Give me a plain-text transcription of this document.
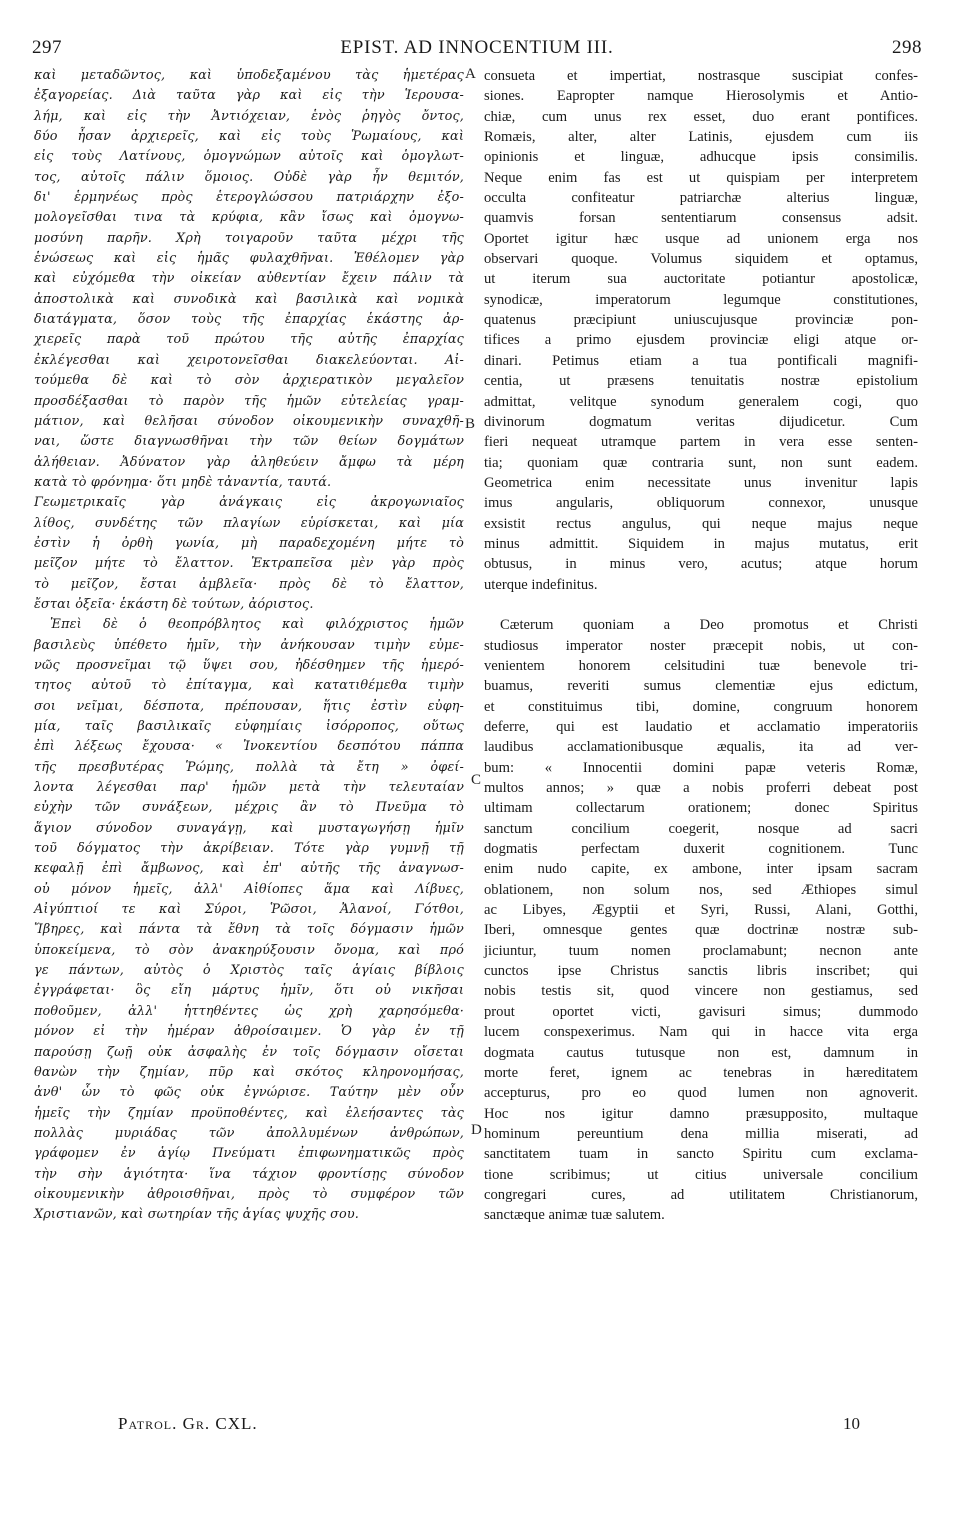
297	EPIST. AD INNOCENTIUM III.	298
καὶ μεταδῶντος, καὶ ὑποδεξαμένου τὰς ἡμετέρας
ἐξαγορείας. Διὰ ταῦτα γὰρ καὶ εἰς τὴν Ἱερουσα-
λήμ, καὶ εἰς τὴν Ἀντιόχειαν, ἑνὸς ῥηγὸς ὄντος,
δύο ἦσαν ἀρχιερεῖς, καὶ εἰς τοὺς Ῥωμαίους, καὶ
εἰς τοὺς Λατίνους, ὁμογνώμων αὐτοῖς καὶ ὁμογλωτ-
τος, αὐτοῖς πάλιν ὅμοιος. Οὐδὲ γὰρ ἦν θεμιτόν,
δι' ἑρμηνέως πρὸς ἑτερογλώσσου πατριάρχην ἐξο-
μολογεῖσθαι τινα τὰ κρύφια, κἂν ἴσως καὶ ὁμογνω-
μοσύνη παρῆν. Χρὴ τοιγαροῦν ταῦτα μέχρι τῆς
ἑνώσεως καὶ εἰς ἡμᾶς φυλαχθῆναι. Ἐθέλομεν γὰρ
καὶ εὐχόμεθα τὴν οἰκείαν αὐθεντίαν ἔχειν πάλιν τὰ
ἀποστολικὰ καὶ συνοδικὰ καὶ βασιλικὰ καὶ νομικὰ
διατάγματα, ὅσον τοὺς τῆς ἐπαρχίας ἑκάστης ἀρ-
χιερεῖς παρὰ τοῦ πρώτου τῆς αὐτῆς ἐπαρχίας
ἐκλέγεσθαι καὶ χειροτονεῖσθαι διακελεύονται. Αἰ-
τούμεθα δὲ καὶ τὸ σὸν ἀρχιερατικὸν μεγαλεῖον
προσδέξασθαι τὸ παρὸν τῆς ἡμῶν εὐτελείας γραμ-
μάτιον, καὶ θελῆσαι σύνοδον οἰκουμενικὴν συναχθῆ-
ναι, ὥστε διαγνωσθῆναι τὴν τῶν θείων δογμάτων
ἀλήθειαν. Ἀδύνατον γὰρ ἀληθεύειν ἄμφω τὰ μέρη
κατὰ τὸ φρόνημα· ὅτι μηδὲ τἀναντία, ταυτά.
Γεωμετρικαῖς γὰρ ἀνάγκαις εἰς ἀκρογωνιαῖος
λίθος, συνδέτης τῶν πλαγίων εὑρίσκεται, καὶ μία
ἐστὶν ἡ ὀρθὴ γωνία, μὴ παραδεχομένη μήτε τὸ
μεῖζον μήτε τὸ ἔλαττον. Ἐκτραπεῖσα μὲν γὰρ πρὸς
τὸ μεῖζον, ἔσται ἀμβλεῖα· πρὸς δὲ τὸ ἔλαττον,
ἔσται ὀξεῖα· ἑκάστη δὲ τούτων, ἀόριστος.
Ἐπεὶ δὲ ὁ θεοπρόβλητος καὶ φιλόχριστος ἡμῶν
βασιλεὺς ὑπέθετο ἡμῖν, τὴν ἀνήκουσαν τιμὴν εὐμε-
νῶς προσνεῖμαι τῷ ὕψει σου, ἠδέσθημεν τῆς ἡμερό-
τητος αὐτοῦ τὸ ἐπίταγμα, καὶ κατατιθέμεθα τιμὴν
σοι νεῖμαι, δέσποτα, πρέπουσαν, ἥτις ἐστὶν εὐφη-
μία, ταῖς βασιλικαῖς εὐφημίαις ἰσόρροπος, οὕτως
ἐπὶ λέξεως ἔχουσα· « Ἰνοκεντίου δεσπότου πάππα
τῆς πρεσβυτέρας Ῥώμης, πολλὰ τὰ ἔτη » ὀφεί-
λοντα λέγεσθαι παρ' ἡμῶν μετὰ τὴν τελευταίαν
εὐχὴν τῶν συνάξεων, μέχρις ἂν τὸ Πνεῦμα τὸ
ἅγιον σύνοδον συναγάγῃ, καὶ μυσταγωγήσῃ ἡμῖν
τοῦ δόγματος τὴν ἀκρίβειαν. Τότε γὰρ γυμνῇ τῇ
κεφαλῇ ἐπὶ ἄμβωνος, καὶ ἐπ' αὐτῆς τῆς ἀναγνωσ-
οὐ μόνον ἡμεῖς, ἀλλ' Αἰθίοπες ἅμα καὶ Λίβυες,
Αἰγύπτιοί τε καὶ Σύροι, Ῥῶσοι, Ἀλανοί, Γότθοι,
Ἴβηρες, καὶ πάντα τὰ ἔθνη τὰ τοῖς δόγμασιν ἡμῶν
ὑποκείμενα, τὸ σὸν ἀνακηρύξουσιν ὄνομα, καὶ πρό
γε πάντων, αὐτὸς ὁ Χριστὸς ταῖς ἁγίαις βίβλοις
ἐγγράφεται· ὃς εἴη μάρτυς ἡμῖν, ὅτι οὐ νικῆσαι
ποθοῦμεν, ἀλλ' ἡττηθέντες ὡς χρὴ χαρησόμεθα·
μόνον εἰ τὴν ἡμέραν ἀθροίσαιμεν. Ὁ γὰρ ἐν τῇ
παρούσῃ ζωῇ οὐκ ἀσφαλὴς ἐν τοῖς δόγμασιν οἴσεται
θανὼν τὴν ζημίαν, πῦρ καὶ σκότος κληρονομήσας,
ἀνθ' ὧν τὸ φῶς οὐκ ἐγνώρισε. Ταύτην μὲν οὖν
ἡμεῖς τὴν ζημίαν προϋποθέντες, καὶ ἐλεήσαντες τὰς
πολλὰς μυριάδας τῶν ἀπολλυμένων ἀνθρώπων,
γράφομεν ἐν ἁγίῳ Πνεύματι ἐπιφωνηματικῶς πρὸς
τὴν σὴν ἁγιότητα· ἵνα τάχιον φροντίσῃς σύνοδον
οἰκουμενικὴν ἀθροισθῆναι, πρὸς τὸ συμφέρον τῶν
Χριστιανῶν, καὶ σωτηρίαν τῆς ἁγίας ψυχῆς σου.
consueta et impertiat, nostrasque suscipiat confes-
siones. Eapropter namque Hierosolymis et Antio-
chiæ, cum unus rex esset, duo erant pontifices.
Romæis, alter, alter Latinis, ejusdem cum iis
opinionis et linguæ, adhucque ipsis consimilis.
Neque enim fas est ut quispiam per interpretem
occulta confiteatur patriarchæ alterius linguæ,
quamvis forsan sententiarum consensus adsit.
Oportet igitur hæc usque ad unionem erga nos
observari quoque. Volumus siquidem et optamus,
ut iterum sua auctoritate potiantur apostolicæ,
synodicæ, imperatorum legumque constitutiones,
quatenus præcipiunt uniuscujusque provinciæ pon-
tifices a primo ejusdem provinciæ eligi atque or-
dinari. Petimus etiam a tua pontificali magnifi-
centia, ut præsens tenuitatis nostræ epistolium
admittat, velitque synodum generalem cogi, quo
divinorum dogmatum veritas dijudicetur. Cum
fieri nequeat utramque partem in vera esse senten-
tia; quoniam quæ contraria sunt, non sunt eadem.
Geometrica enim necessitate unus invenitur lapis
imus angularis, obliquorum connexor, unusque
exsistit rectus angulus, qui neque majus neque
minus admittit. Siquidem in majus mutatus, erit
obtusus, in minus vero, acutus; atque horum
uterque indefinitus.
Cæterum quoniam a Deo promotus et Christi
studiosus imperator noster præcepit nobis, ut con-
venientem honorem celsitudini tuæ benevole tri-
buamus, reveriti sumus clementiæ ejus edictum,
et constituimus tibi, domine, congruum honorem
deferre, qui est laudatio et acclamatio imperatoriis
laudibus acclamationibusque æqualis, ita ad ver-
bum: « Innocentii domini papæ veteris Romæ,
multos annos; » quæ a nobis proferri debeat post
ultimam collectarum orationem; donec Spiritus
sanctum concilium coegerit, nosque ad sacri
dogmatis perfectam duxerit cognitionem. Tunc
enim nudo capite, ex ambone, inter ipsam sacram
oblationem, non solum nos, sed Æthiopes simul
ac Libyes, Ægyptii et Syri, Russi, Alani, Gotthi,
Iberi, omnesque gentes quæ doctrinæ nostræ sub-
jiciuntur, tuum nomen proclamabunt; necnon ante
cunctos ipse Christus sanctis libris inscribet; qui
nobis testis sit, quod vincere non gestiamus, sed
prout oportet victi, gavisuri simus; dummodo
lucem conspexerimus. Nam qui in hacce vita erga
dogmata cautus tutusque non est, damnum in
morte feret, ignem ac tenebras in hæreditatem
accepturus, pro eo quod lumen non agnoverit.
Hoc nos igitur damno præsupposito, multaque
hominum pereuntium dena millia miserati, ad
sanctitatem tuam in sancto Spiritu cum exclama-
tione scribimus; ut citius universale concilium
congregari cures, ad utilitatem Christianorum,
sanctæque animæ tuæ salutem.
A
B
C
D
Patrol. Gr. CXL.	10
